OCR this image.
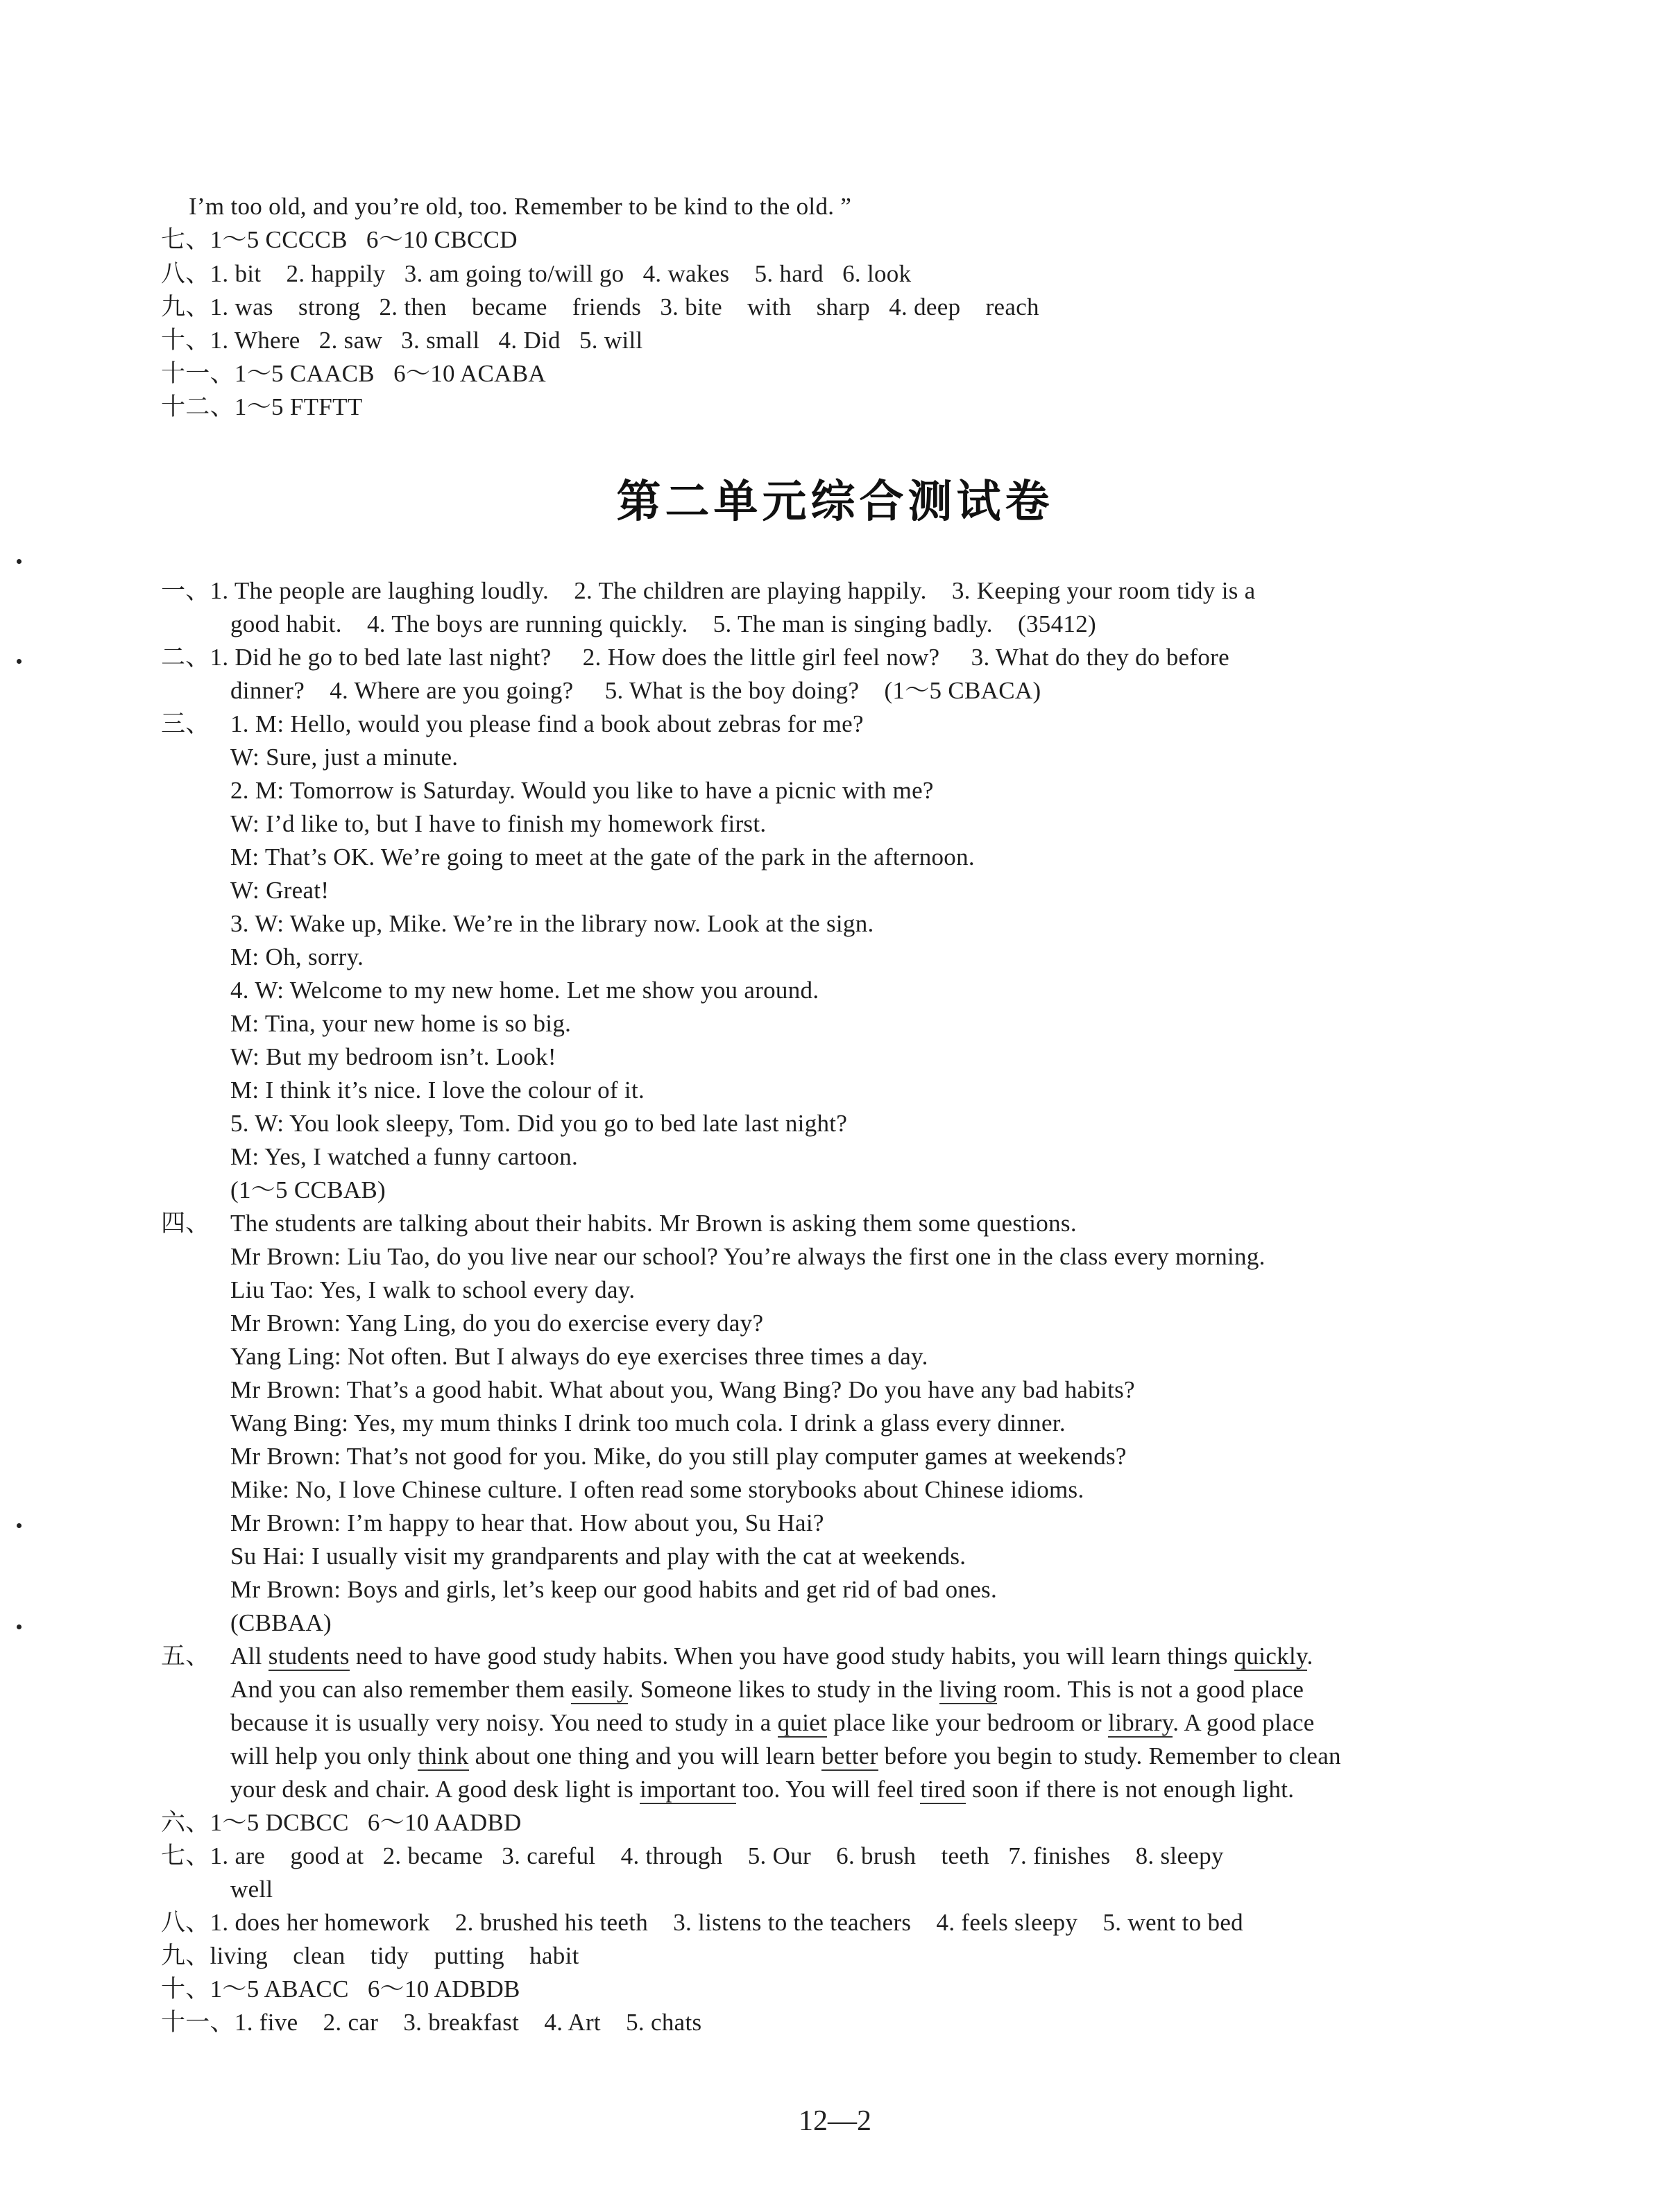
I’m too old, and you’re old, too. Remember to be kind to the old. ”
七、1～5 CCCCB   6～10 CBCCD
八、1. bit    2. happily   3. am going to/will go   4. wakes    5. hard   6. look
九、1. was    strong   2. then    became    friends   3. bite    with    sharp   4. deep    reach
十、1. Where   2. saw   3. small   4. Did   5. will
十一、1～5 CAACB   6～10 ACABA
十二、1～5 FTFTT
第二单元综合测试卷
一、1. The people are laughing loudly.    2. The children are playing happily.    3. Keeping your room tidy is a
good habit.    4. The boys are running quickly.    5. The man is singing badly.    (35412)
二、1. Did he go to bed late last night?     2. How does the little girl feel now?     3. What do they do before
dinner?    4. Where are you going?     5. What is the boy doing?    (1～5 CBACA)
三、 1. M: Hello, would you please find a book about zebras for me?
W: Sure, just a minute.
2. M: Tomorrow is Saturday. Would you like to have a picnic with me?
W: I’d like to, but I have to finish my homework first.
M: That’s OK. We’re going to meet at the gate of the park in the afternoon.
W: Great!
3. W: Wake up, Mike. We’re in the library now. Look at the sign.
M: Oh, sorry.
4. W: Welcome to my new home. Let me show you around.
M: Tina, your new home is so big.
W: But my bedroom isn’t. Look!
M: I think it’s nice. I love the colour of it.
5. W: You look sleepy, Tom. Did you go to bed late last night?
M: Yes, I watched a funny cartoon.
(1～5 CCBAB)
四、 The students are talking about their habits. Mr Brown is asking them some questions.
Mr Brown: Liu Tao, do you live near our school? You’re always the first one in the class every morning.
Liu Tao: Yes, I walk to school every day.
Mr Brown: Yang Ling, do you do exercise every day?
Yang Ling: Not often. But I always do eye exercises three times a day.
Mr Brown: That’s a good habit. What about you, Wang Bing? Do you have any bad habits?
Wang Bing: Yes, my mum thinks I drink too much cola. I drink a glass every dinner.
Mr Brown: That’s not good for you. Mike, do you still play computer games at weekends?
Mike: No, I love Chinese culture. I often read some storybooks about Chinese idioms.
Mr Brown: I’m happy to hear that. How about you, Su Hai?
Su Hai: I usually visit my grandparents and play with the cat at weekends.
Mr Brown: Boys and girls, let’s keep our good habits and get rid of bad ones.
(CBBAA)
五、 All students need to have good study habits. When you have good study habits, you will learn things quickly.
And you can also remember them easily. Someone likes to study in the living room. This is not a good place
because it is usually very noisy. You need to study in a quiet place like your bedroom or library. A good place
will help you only think about one thing and you will learn better before you begin to study. Remember to clean
your desk and chair. A good desk light is important too. You will feel tired soon if there is not enough light.
六、1～5 DCBCC   6～10 AADBD
七、1. are    good at   2. became   3. careful    4. through    5. Our    6. brush    teeth   7. finishes    8. sleepy
well
八、1. does her homework    2. brushed his teeth    3. listens to the teachers    4. feels sleepy    5. went to bed
九、living    clean    tidy    putting    habit
十、1～5 ABACC   6～10 ADBDB
十一、1. five    2. car    3. breakfast    4. Art    5. chats
12—2
